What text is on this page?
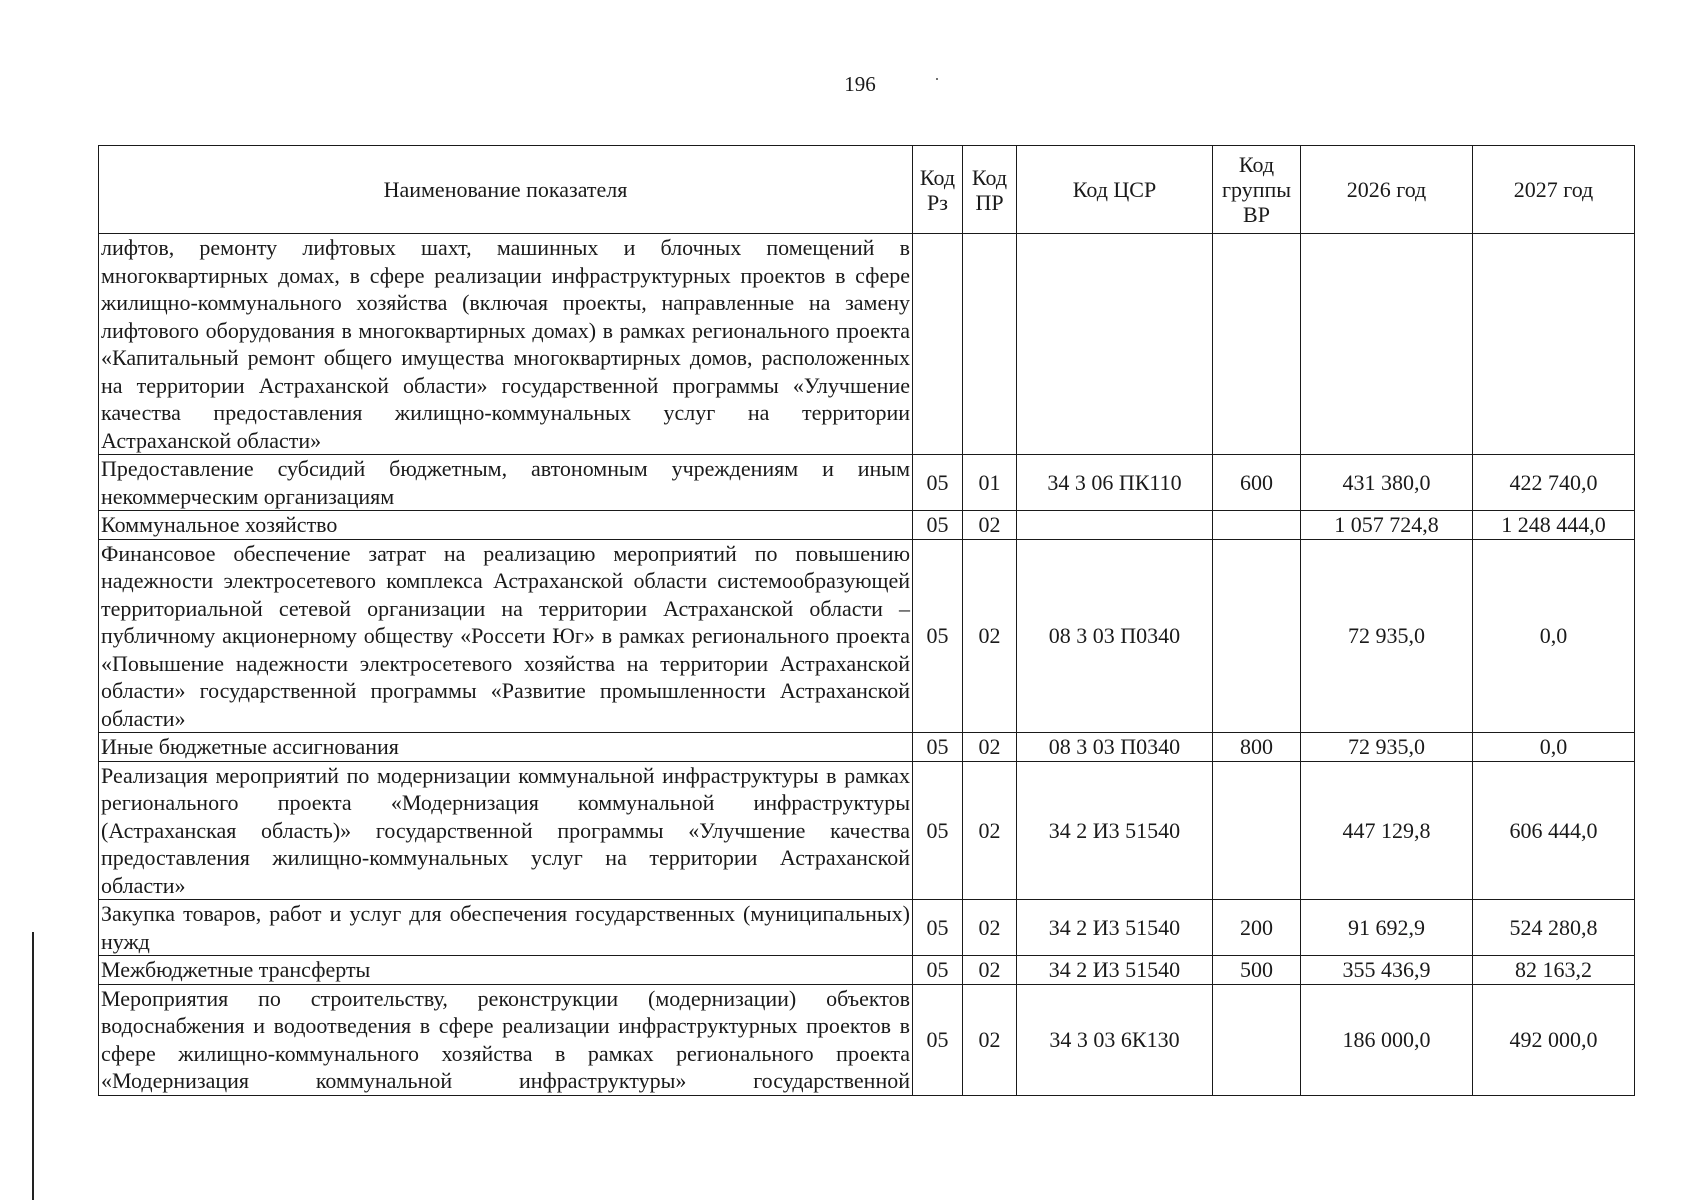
196
Наименование показателя	Код Рз	Код ПР	Код ЦСР	Код группы ВР	2026 год	2027 год
лифтов, ремонту лифтовых шахт, машинных и блочных помещений в многоквартирных домах, в сфере реализации инфраструктурных проектов в сфере жилищно-коммунального хозяйства (включая проекты, направленные на замену лифтового оборудования в многоквартирных домах) в рамках регионального проекта «Капитальный ремонт общего имущества многоквартирных домов, расположенных на территории Астраханской области» государственной программы «Улучшение качества предоставления жилищно-коммунальных услуг на территории Астраханской области»						
Предоставление субсидий бюджетным, автономным учреждениям и иным некоммерческим организациям	05	01	34 3 06 ПК110	600	431 380,0	422 740,0
Коммунальное хозяйство	05	02			1 057 724,8	1 248 444,0
Финансовое обеспечение затрат на реализацию мероприятий по повышению надежности электросетевого комплекса Астраханской области системообразующей территориальной сетевой организации на территории Астраханской области – публичному акционерному обществу «Россети Юг» в рамках регионального проекта «Повышение надежности электросетевого хозяйства на территории Астраханской области» государственной программы «Развитие промышленности Астраханской области»	05	02	08 3 03 П0340		72 935,0	0,0
Иные бюджетные ассигнования	05	02	08 3 03 П0340	800	72 935,0	0,0
Реализация мероприятий по модернизации коммунальной инфраструктуры в рамках регионального проекта «Модернизация коммунальной инфраструктуры (Астраханская область)» государственной программы «Улучшение качества предоставления жилищно-коммунальных услуг на территории Астраханской области»	05	02	34 2 И3 51540		447 129,8	606 444,0
Закупка товаров, работ и услуг для обеспечения государственных (муниципальных) нужд	05	02	34 2 И3 51540	200	91 692,9	524 280,8
Межбюджетные трансферты	05	02	34 2 И3 51540	500	355 436,9	82 163,2
Мероприятия по строительству, реконструкции (модернизации) объектов водоснабжения и водоотведения в сфере реализации инфраструктурных проектов в сфере жилищно-коммунального хозяйства в рамках регионального проекта «Модернизация коммунальной инфраструктуры» государственной	05	02	34 3 03 6К130		186 000,0	492 000,0
